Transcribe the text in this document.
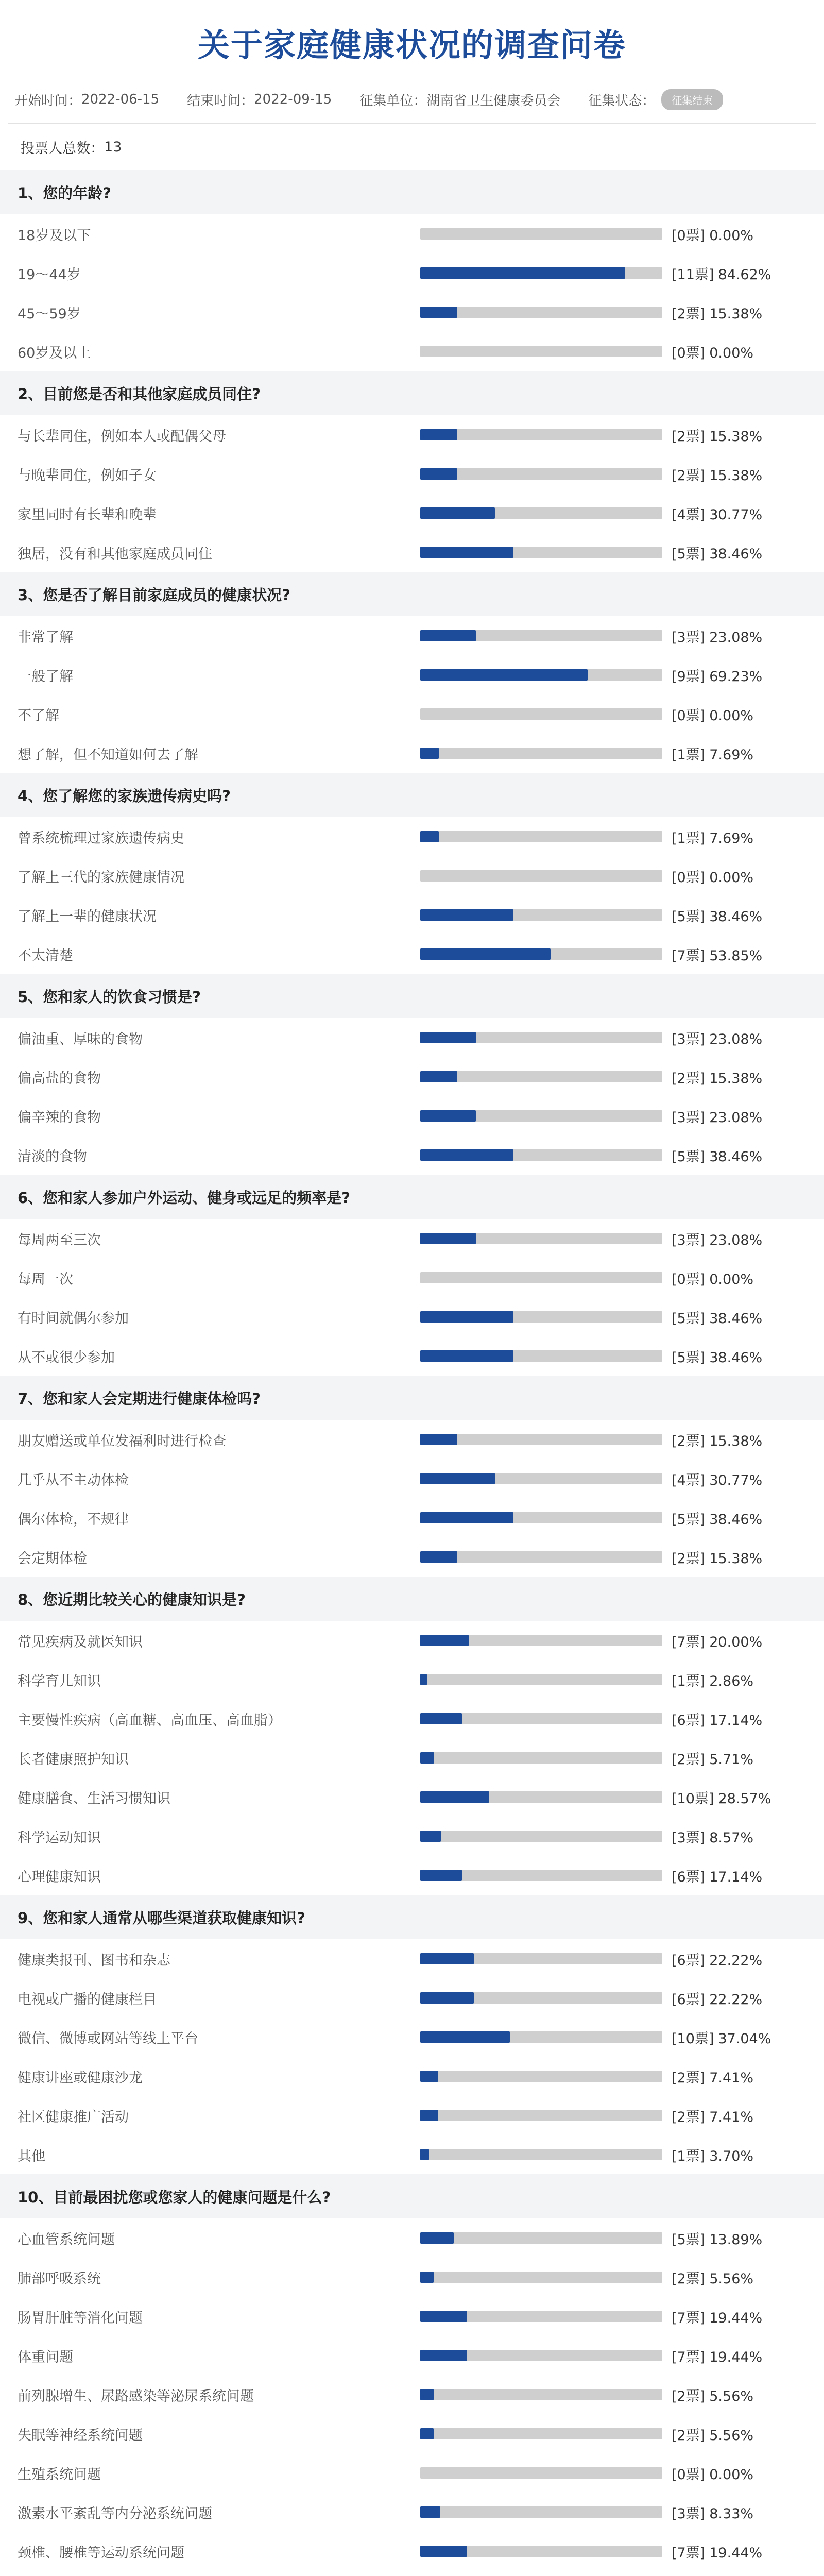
关于家庭健康状况的调查问卷
开始时间： 2022-06-15 结束时间： 2022-09-15 征集单位： 湖南省卫生健康委员会 征集状态：	征集结束
投票人总数： 13
1、您的年龄?
18岁及以下	[0票] 0.00%
19～44岁	[11票] 84.62%
45～59岁	[2票] 15.38%
60岁及以上	[0票] 0.00%
2、目前您是否和其他家庭成员同住?
与长辈同住，例如本人或配偶父母	[2票] 15.38%
与晚辈同住，例如子女	[2票] 15.38%
家里同时有长辈和晚辈	[4票] 30.77%
独居，没有和其他家庭成员同住	[5票] 38.46%
3、您是否了解目前家庭成员的健康状况?
非常了解	[3票] 23.08%
一般了解	[9票] 69.23%
不了解	[0票] 0.00%
想了解，但不知道如何去了解	[1票] 7.69%
4、您了解您的家族遗传病史吗?
曾系统梳理过家族遗传病史	[1票] 7.69%
了解上三代的家族健康情况	[0票] 0.00%
了解上一辈的健康状况	[5票] 38.46%
不太清楚	[7票] 53.85%
5、您和家人的饮食习惯是?
偏油重、厚味的食物	[3票] 23.08%
偏高盐的食物	[2票] 15.38%
偏辛辣的食物	[3票] 23.08%
清淡的食物	[5票] 38.46%
6、您和家人参加户外运动、健身或远足的频率是?
每周两至三次	[3票] 23.08%
每周一次	[0票] 0.00%
有时间就偶尔参加	[5票] 38.46%
从不或很少参加	[5票] 38.46%
7、您和家人会定期进行健康体检吗?
朋友赠送或单位发福利时进行检查	[2票] 15.38%
几乎从不主动体检	[4票] 30.77%
偶尔体检，不规律	[5票] 38.46%
会定期体检	[2票] 15.38%
8、您近期比较关心的健康知识是?
常见疾病及就医知识	[7票] 20.00%
科学育儿知识	[1票] 2.86%
主要慢性疾病（高血糖、高血压、高血脂）	[6票] 17.14%
长者健康照护知识	[2票] 5.71%
健康膳食、生活习惯知识	[10票] 28.57%
科学运动知识	[3票] 8.57%
心理健康知识	[6票] 17.14%
9、您和家人通常从哪些渠道获取健康知识?
健康类报刊、图书和杂志	[6票] 22.22%
电视或广播的健康栏目	[6票] 22.22%
微信、微博或网站等线上平台	[10票] 37.04%
健康讲座或健康沙龙	[2票] 7.41%
社区健康推广活动	[2票] 7.41%
其他	[1票] 3.70%
10、目前最困扰您或您家人的健康问题是什么?
心血管系统问题	[5票] 13.89%
肺部呼吸系统	[2票] 5.56%
肠胃肝脏等消化问题	[7票] 19.44%
体重问题	[7票] 19.44%
前列腺增生、尿路感染等泌尿系统问题	[2票] 5.56%
失眠等神经系统问题	[2票] 5.56%
生殖系统问题	[0票] 0.00%
激素水平紊乱等内分泌系统问题	[3票] 8.33%
颈椎、腰椎等运动系统问题	[7票] 19.44%
